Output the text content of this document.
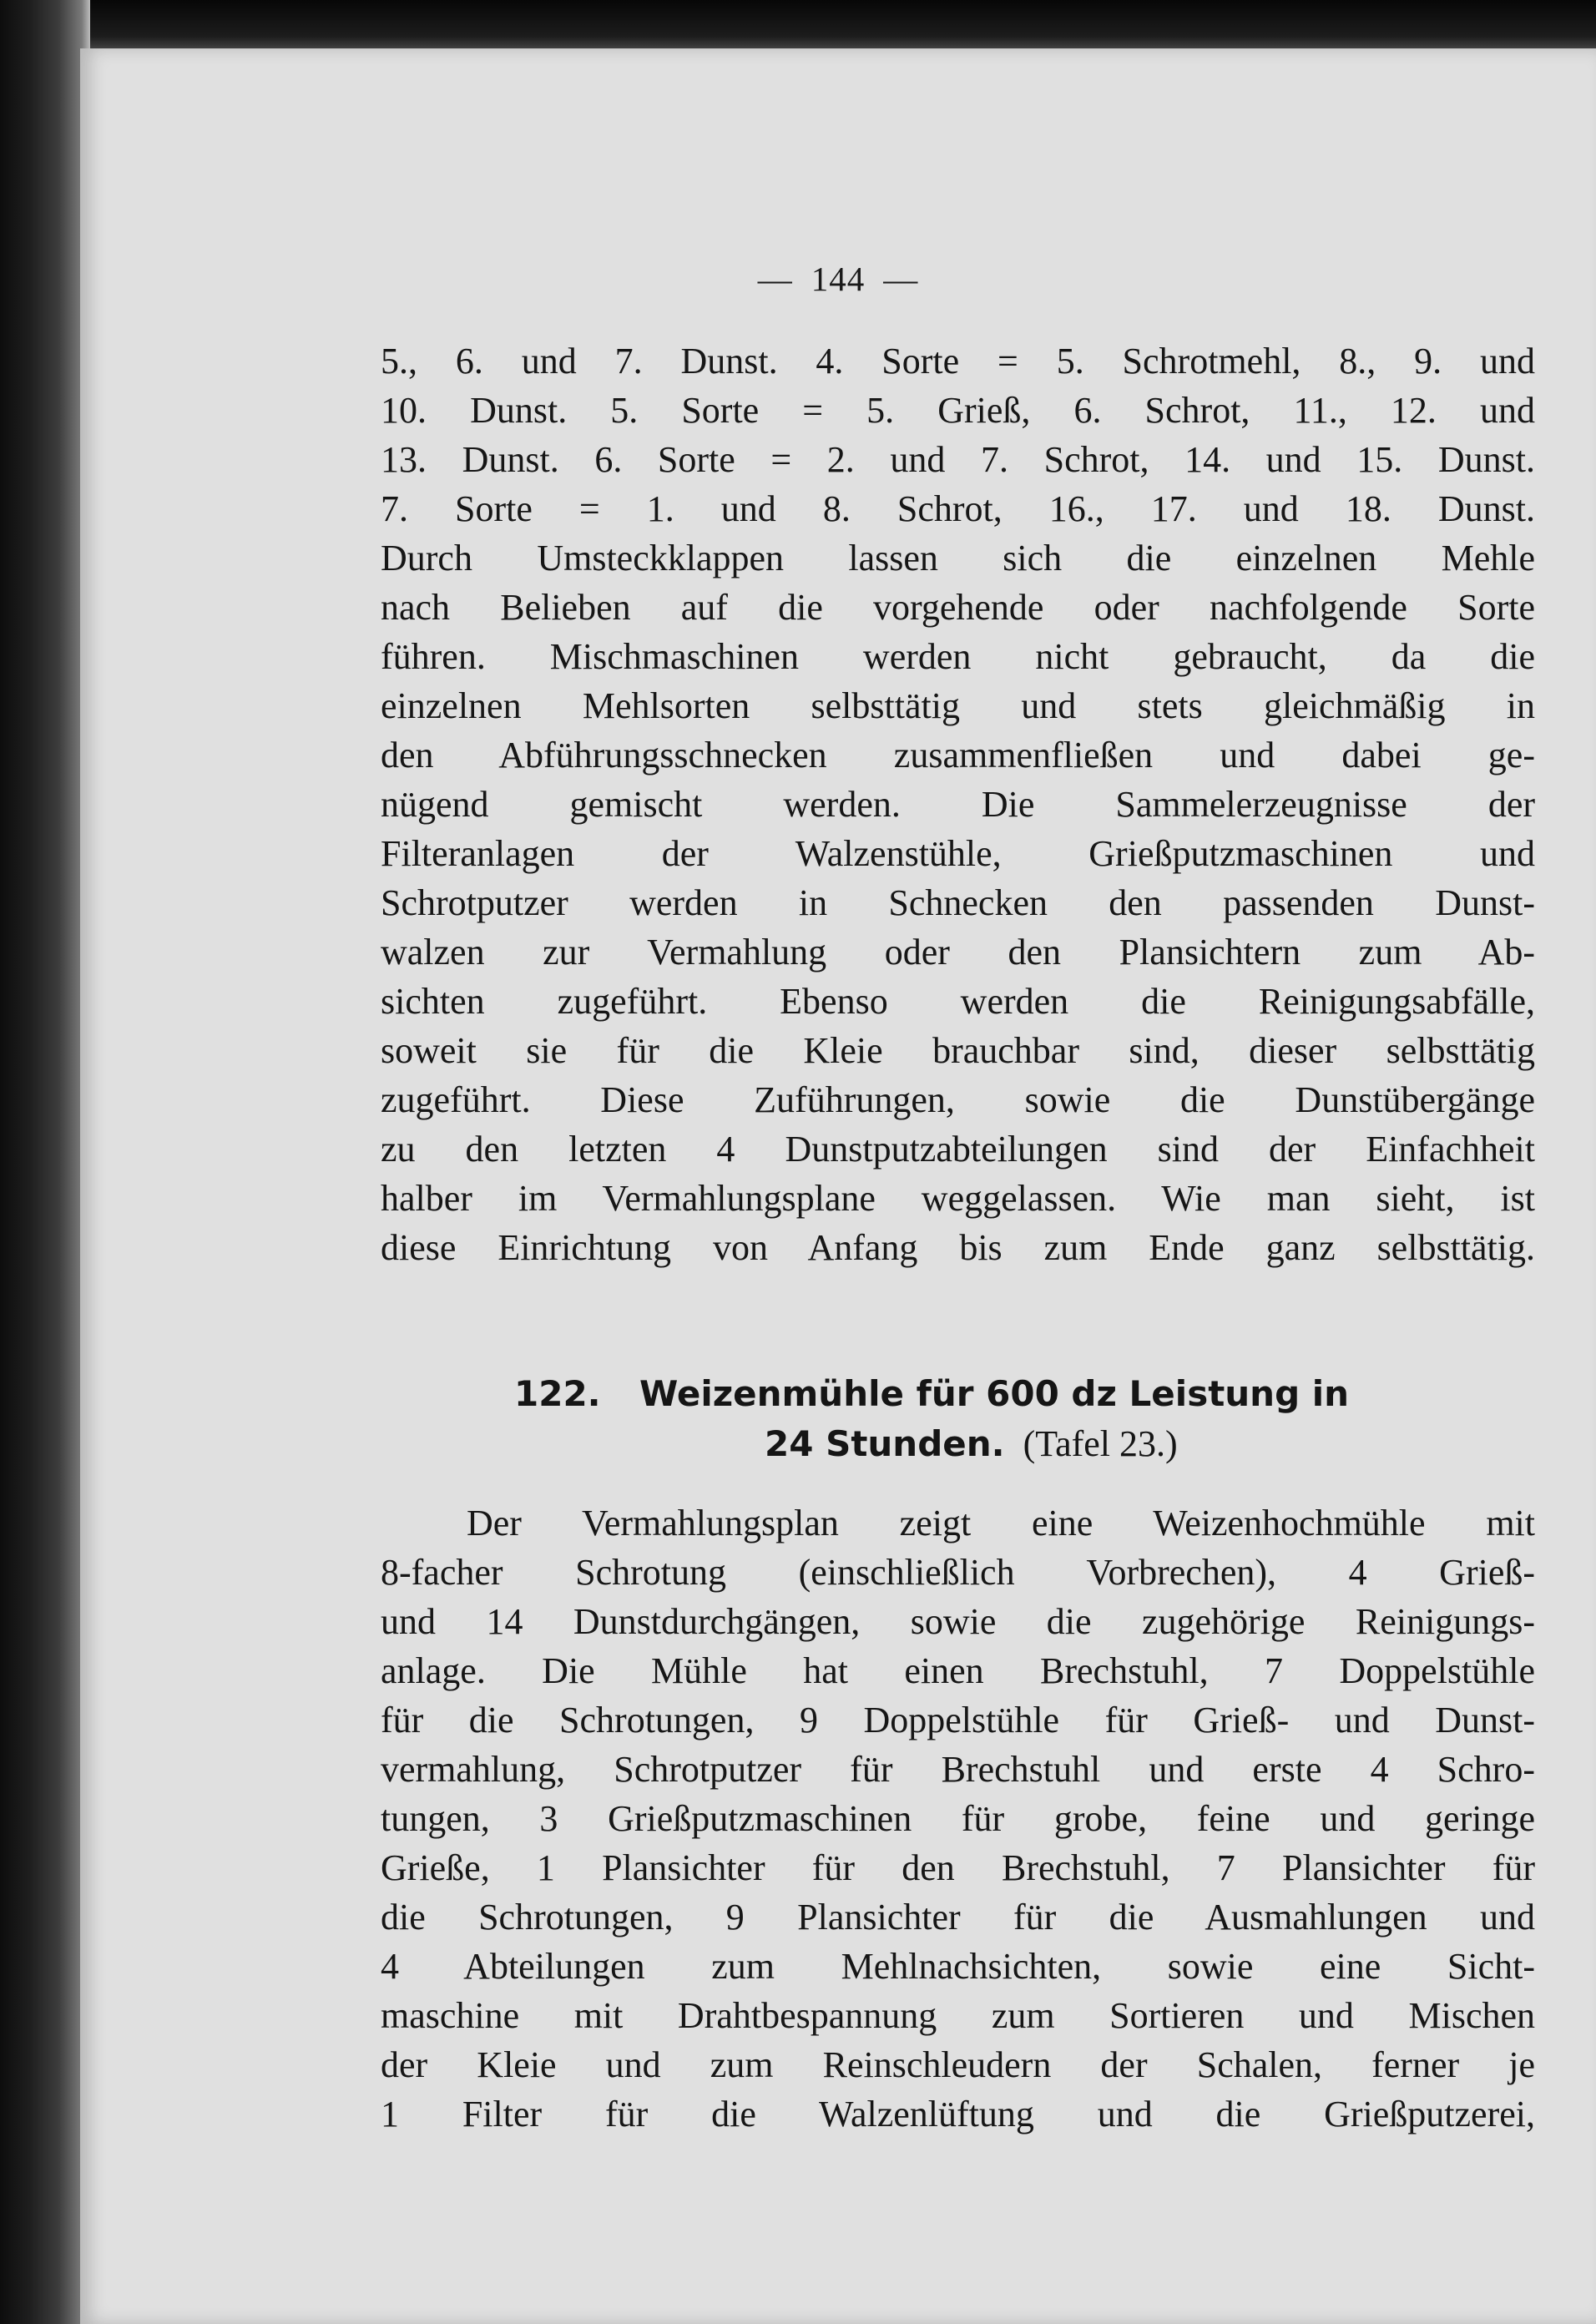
— 144 —
5., 6. und 7. Dunst. 4. Sorte = 5. Schrotmehl, 8., 9. und
10. Dunst. 5. Sorte = 5. Grieß, 6. Schrot, 11., 12. und
13. Dunst. 6. Sorte = 2. und 7. Schrot, 14. und 15. Dunst.
7. Sorte = 1. und 8. Schrot, 16., 17. und 18. Dunst.
Durch Umsteckklappen lassen sich die einzelnen Mehle
nach Belieben auf die vorgehende oder nachfolgende Sorte
führen. Mischmaschinen werden nicht gebraucht, da die
einzelnen Mehlsorten selbsttätig und stets gleichmäßig in
den Abführungsschnecken zusammenfließen und dabei ge-
nügend gemischt werden. Die Sammelerzeugnisse der
Filteranlagen der Walzenstühle, Grießputzmaschinen und
Schrotputzer werden in Schnecken den passenden Dunst-
walzen zur Vermahlung oder den Plansichtern zum Ab-
sichten zugeführt. Ebenso werden die Reinigungsabfälle,
soweit sie für die Kleie brauchbar sind, dieser selbsttätig
zugeführt. Diese Zuführungen, sowie die Dunstübergänge
zu den letzten 4 Dunstputzabteilungen sind der Einfachheit
halber im Vermahlungsplane weggelassen. Wie man sieht, ist
diese Einrichtung von Anfang bis zum Ende ganz selbsttätig.
122. Weizenmühle für 600 dz Leistung in
24 Stunden. (Tafel 23.)
Der Vermahlungsplan zeigt eine Weizenhochmühle mit
8-facher Schrotung (einschließlich Vorbrechen), 4 Grieß-
und 14 Dunstdurchgängen, sowie die zugehörige Reinigungs-
anlage. Die Mühle hat einen Brechstuhl, 7 Doppelstühle
für die Schrotungen, 9 Doppelstühle für Grieß- und Dunst-
vermahlung, Schrotputzer für Brechstuhl und erste 4 Schro-
tungen, 3 Grießputzmaschinen für grobe, feine und geringe
Grieße, 1 Plansichter für den Brechstuhl, 7 Plansichter für
die Schrotungen, 9 Plansichter für die Ausmahlungen und
4 Abteilungen zum Mehlnachsichten, sowie eine Sicht-
maschine mit Drahtbespannung zum Sortieren und Mischen
der Kleie und zum Reinschleudern der Schalen, ferner je
1 Filter für die Walzenlüftung und die Grießputzerei,
